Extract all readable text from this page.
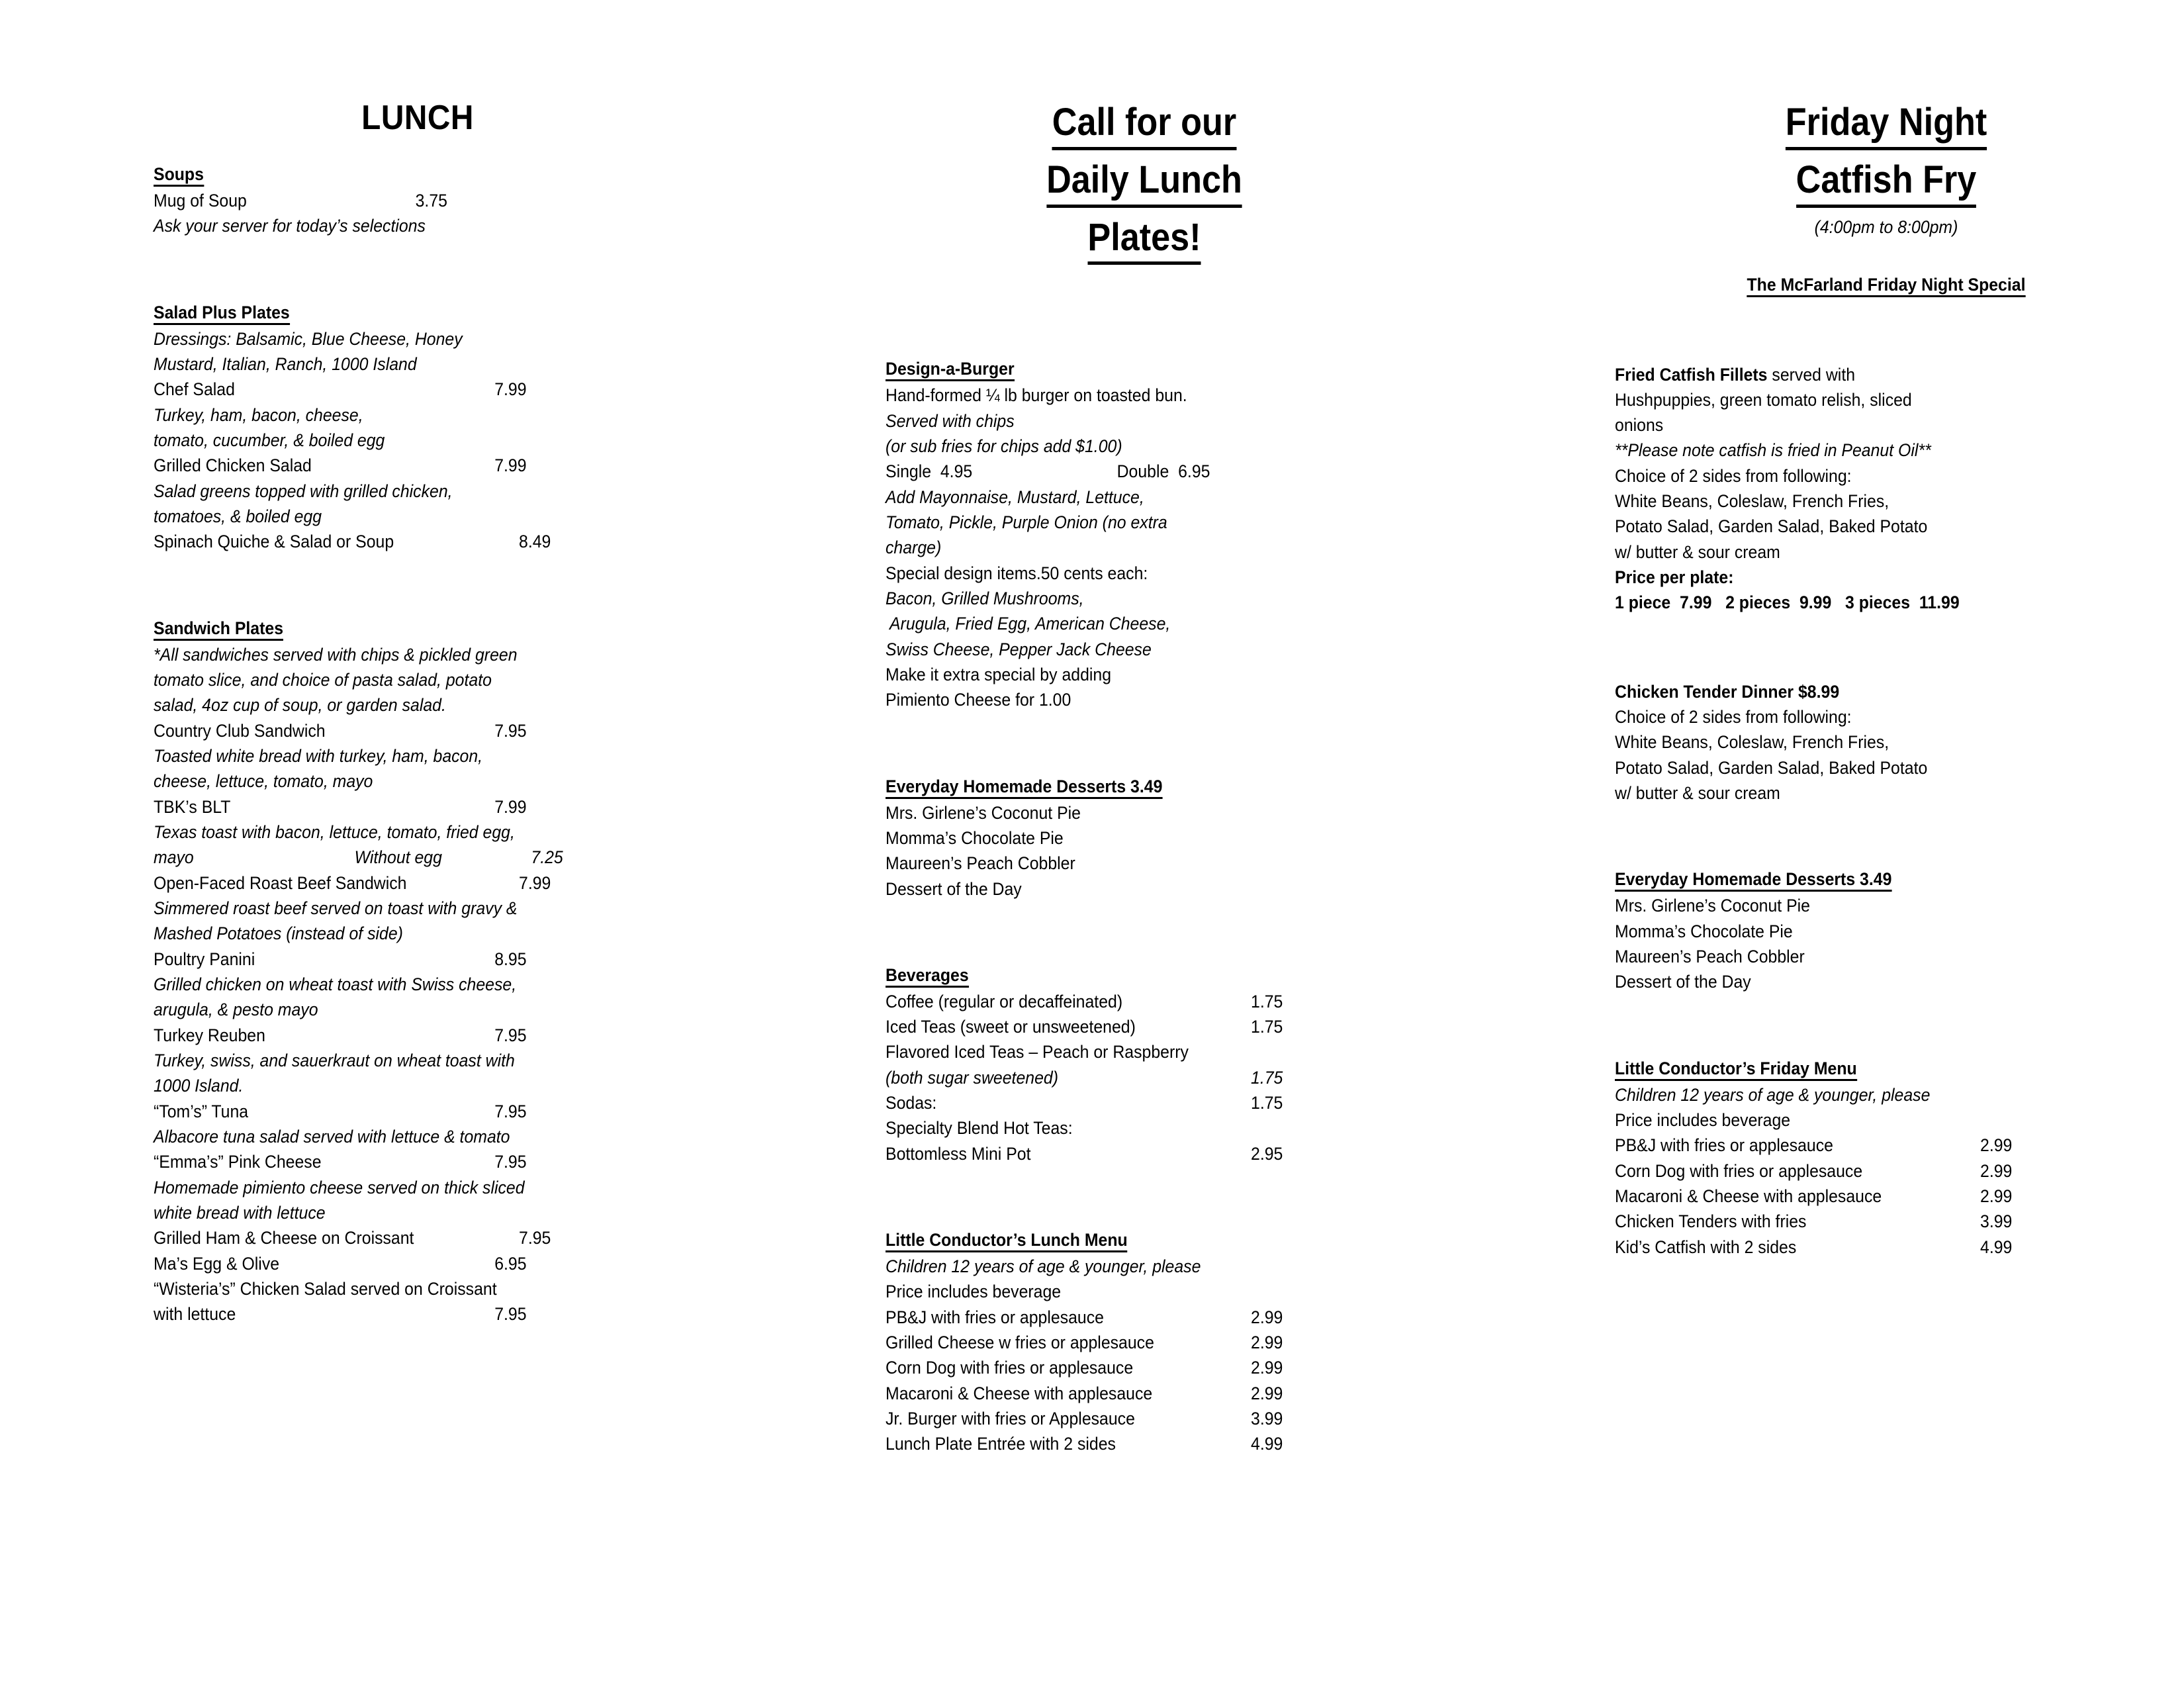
LUNCH
Soups
Mug of Soup	3.75
Ask your server for today’s selections
Salad Plus Plates
Dressings: Balsamic, Blue Cheese, Honey
Mustard, Italian, Ranch, 1000 Island
Chef Salad	7.99
Turkey, ham, bacon, cheese,
tomato, cucumber, & boiled egg
Grilled Chicken Salad	7.99
Salad greens topped with grilled chicken,
tomatoes, & boiled egg
Spinach Quiche & Salad or Soup	8.49
Sandwich Plates
*All sandwiches served with chips & pickled green
tomato slice, and choice of pasta salad, potato
salad, 4oz cup of soup, or garden salad.
Country Club Sandwich	7.95
Toasted white bread with turkey, ham, bacon,
cheese, lettuce, tomato, mayo
TBK’s BLT	7.99
Texas toast with bacon, lettuce, tomato, fried egg,
mayo	Without egg	7.25
Open-Faced Roast Beef Sandwich	7.99
Simmered roast beef served on toast with gravy &
Mashed Potatoes (instead of side)
Poultry Panini	8.95
Grilled chicken on wheat toast with Swiss cheese,
arugula, & pesto mayo
Turkey Reuben	7.95
Turkey, swiss, and sauerkraut on wheat toast with
1000 Island.
“Tom’s” Tuna	7.95
Albacore tuna salad served with lettuce & tomato
“Emma’s” Pink Cheese	7.95
Homemade pimiento cheese served on thick sliced
white bread with lettuce
Grilled Ham & Cheese on Croissant	7.95
Ma’s Egg & Olive	6.95
“Wisteria’s” Chicken Salad served on Croissant
with lettuce	7.95
Call for our
Daily Lunch
Plates!
Design-a-Burger
Hand-formed ¼ lb burger on toasted bun.
Served with chips
(or sub fries for chips add $1.00)
Single  4.95	Double  6.95
Add Mayonnaise, Mustard, Lettuce,
Tomato, Pickle, Purple Onion (no extra
charge)
Special design items.50 cents each:
Bacon, Grilled Mushrooms,
Arugula, Fried Egg, American Cheese,
Swiss Cheese, Pepper Jack Cheese
Make it extra special by adding
Pimiento Cheese for 1.00
Everyday Homemade Desserts 3.49
Mrs. Girlene’s Coconut Pie
Momma’s Chocolate Pie
Maureen’s Peach Cobbler
Dessert of the Day
Beverages
Coffee (regular or decaffeinated)	1.75
Iced Teas (sweet or unsweetened)	1.75
Flavored Iced Teas – Peach or Raspberry
(both sugar sweetened)	1.75
Sodas:	1.75
Specialty Blend Hot Teas:
Bottomless Mini Pot	2.95
Little Conductor’s Lunch Menu
Children 12 years of age & younger, please
Price includes beverage
PB&J with fries or applesauce	2.99
Grilled Cheese w fries or applesauce	2.99
Corn Dog with fries or applesauce	2.99
Macaroni & Cheese with applesauce	2.99
Jr. Burger with fries or Applesauce	3.99
Lunch Plate Entrée with 2 sides	4.99
Friday Night
Catfish Fry
(4:00pm to 8:00pm)
The McFarland Friday Night Special
Fried Catfish Fillets served with
Hushpuppies, green tomato relish, sliced
onions
**Please note catfish is fried in Peanut Oil**
Choice of 2 sides from following:
White Beans, Coleslaw, French Fries,
Potato Salad, Garden Salad, Baked Potato
w/ butter & sour cream
Price per plate:
1 piece  7.99   2 pieces  9.99   3 pieces  11.99
Chicken Tender Dinner $8.99
Choice of 2 sides from following:
White Beans, Coleslaw, French Fries,
Potato Salad, Garden Salad, Baked Potato
w/ butter & sour cream
Everyday Homemade Desserts 3.49
Mrs. Girlene’s Coconut Pie
Momma’s Chocolate Pie
Maureen’s Peach Cobbler
Dessert of the Day
Little Conductor’s Friday Menu
Children 12 years of age & younger, please
Price includes beverage
PB&J with fries or applesauce	2.99
Corn Dog with fries or applesauce	2.99
Macaroni & Cheese with applesauce	2.99
Chicken Tenders with fries	3.99
Kid’s Catfish with 2 sides	4.99
